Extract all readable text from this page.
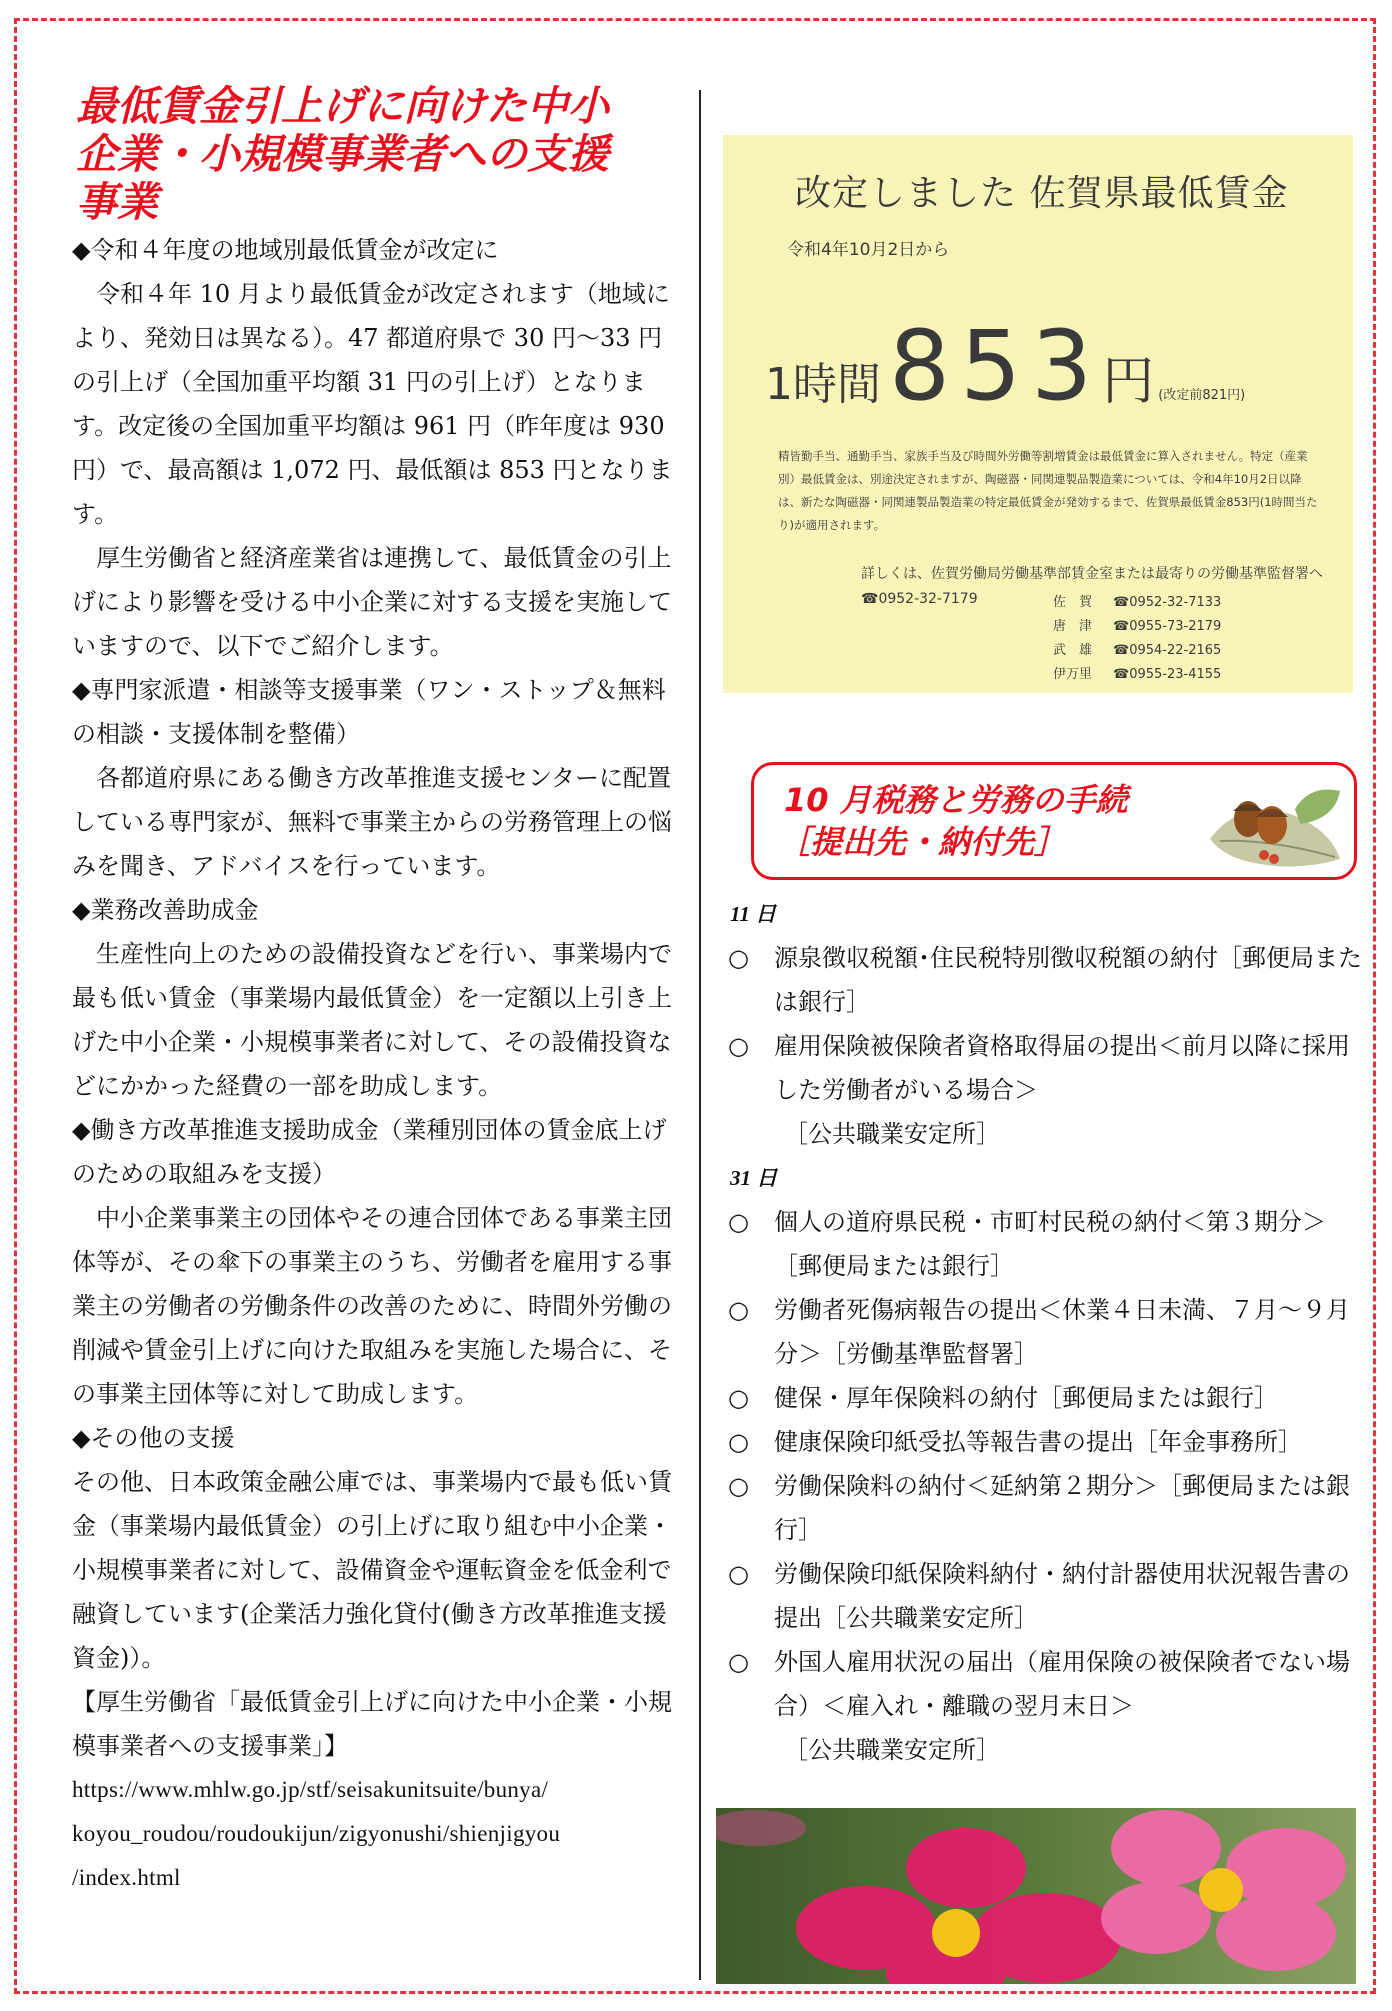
最低賃金引上げに向けた中小
企業・小規模事業者への支援
事業

◆令和４年度の地域別最低賃金が改定に

令和４年 10 月より最低賃金が改定されます（地域により、発効日は異なる）。47 都道府県で 30 円～33 円の引上げ（全国加重平均額 31 円の引上げ）となります。改定後の全国加重平均額は 961 円（昨年度は 930 円）で、最高額は 1,072 円、最低額は 853 円となります。

厚生労働省と経済産業省は連携して、最低賃金の引上げにより影響を受ける中小企業に対する支援を実施していますので、以下でご紹介します。

◆専門家派遣・相談等支援事業（ワン・ストップ＆無料の相談・支援体制を整備）

各都道府県にある働き方改革推進支援センターに配置している専門家が、無料で事業主からの労務管理上の悩みを聞き、アドバイスを行っています。

◆業務改善助成金

生産性向上のための設備投資などを行い、事業場内で最も低い賃金（事業場内最低賃金）を一定額以上引き上げた中小企業・小規模事業者に対して、その設備投資などにかかった経費の一部を助成します。

◆働き方改革推進支援助成金（業種別団体の賃金底上げのための取組みを支援）

中小企業事業主の団体やその連合団体である事業主団体等が、その傘下の事業主のうち、労働者を雇用する事業主の労働者の労働条件の改善のために、時間外労働の削減や賃金引上げに向けた取組みを実施した場合に、その事業主団体等に対して助成します。

◆その他の支援

その他、日本政策金融公庫では、事業場内で最も低い賃金（事業場内最低賃金）の引上げに取り組む中小企業・小規模事業者に対して、設備資金や運転資金を低金利で融資しています(企業活力強化貸付(働き方改革推進支援資金)）。

【厚生労働省「最低賃金引上げに向けた中小企業・小規模事業者への支援事業」】

https://www.mhlw.go.jp/stf/seisakunitsuite/bunya/

koyou_roudou/roudoukijun/zigyonushi/shienjigyou

/index.html

改定しました 佐賀県最低賃金
令和4年10月2日から
1時間853円 (改定前821円)
精皆勤手当、通勤手当、家族手当及び時間外労働等割増賃金は最低賃金に算入されません。特定（産業別）最低賃金は、別途決定されますが、陶磁器・同関連製品製造業については、令和4年10月2日以降は、新たな陶磁器・同関連製品製造業の特定最低賃金が発効するまで、佐賀県最低賃金853円(1時間当たり)が適用されます。
詳しくは、佐賀労働局労働基準部賃金室または最寄りの労働基準監督署へ
☎0952-32-7179	佐　賀 ☎0952-32-7133
唐　津 ☎0955-73-2179
武　雄 ☎0954-22-2165
伊万里 ☎0955-23-4155
10 月税務と労務の手続
［提出先・納付先］
11 日
○ 源泉徴収税額･住民税特別徴収税額の納付［郵便局または銀行］
○ 雇用保険被保険者資格取得届の提出＜前月以降に採用した労働者がいる場合＞
［公共職業安定所］
31 日
○ 個人の道府県民税・市町村民税の納付＜第３期分＞［郵便局または銀行］
○ 労働者死傷病報告の提出＜休業４日未満、７月～９月分＞［労働基準監督署］
○ 健保・厚年保険料の納付［郵便局または銀行］
○ 健康保険印紙受払等報告書の提出［年金事務所］
○ 労働保険料の納付＜延納第２期分＞［郵便局または銀行］
○ 労働保険印紙保険料納付・納付計器使用状況報告書の提出［公共職業安定所］
○ 外国人雇用状況の届出（雇用保険の被保険者でない場合）＜雇入れ・離職の翌月末日＞
［公共職業安定所］
